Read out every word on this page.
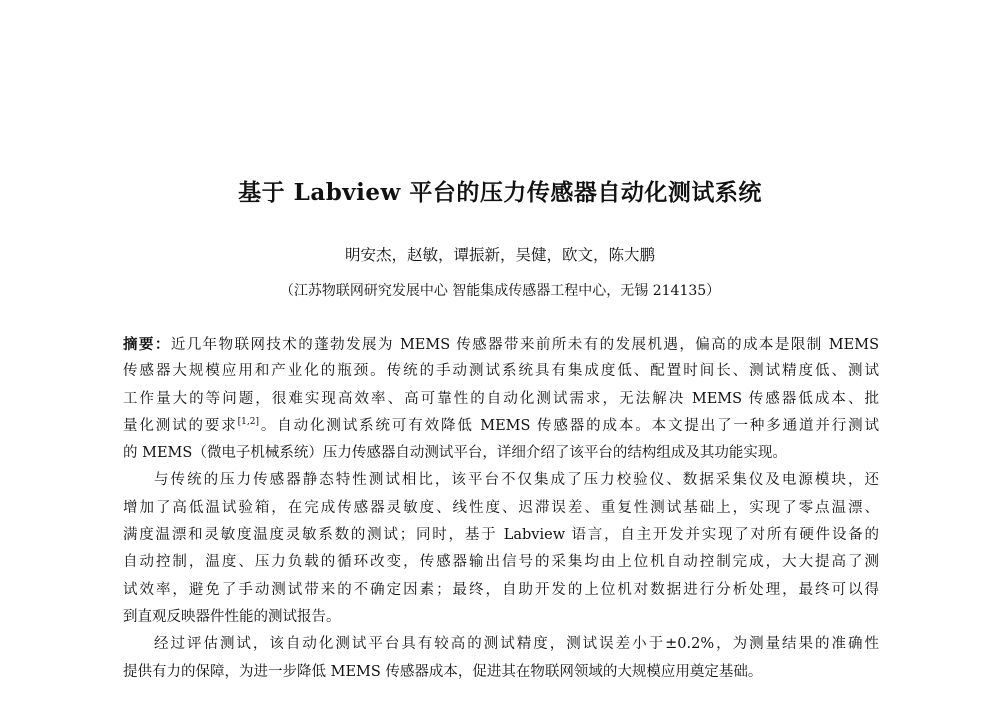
基于 Labview 平台的压力传感器自动化测试系统
明安杰，赵敏，谭振新，吴健，欧文，陈大鹏
（江苏物联网研究发展中心 智能集成传感器工程中心，无锡 214135）
摘要：近几年物联网技术的蓬勃发展为 MEMS 传感器带来前所未有的发展机遇，偏高的成本是限制 MEMS
传感器大规模应用和产业化的瓶颈。传统的手动测试系统具有集成度低、配置时间长、测试精度低、测试
工作量大的等问题，很难实现高效率、高可靠性的自动化测试需求，无法解决 MEMS 传感器低成本、批
量化测试的要求[1,2]。自动化测试系统可有效降低 MEMS 传感器的成本。本文提出了一种多通道并行测试
的 MEMS（微电子机械系统）压力传感器自动测试平台，详细介绍了该平台的结构组成及其功能实现。
与传统的压力传感器静态特性测试相比，该平台不仅集成了压力校验仪、数据采集仪及电源模块，还
增加了高低温试验箱，在完成传感器灵敏度、线性度、迟滞误差、重复性测试基础上，实现了零点温漂、
满度温漂和灵敏度温度灵敏系数的测试；同时，基于 Labview 语言，自主开发并实现了对所有硬件设备的
自动控制，温度、压力负载的循环改变，传感器输出信号的采集均由上位机自动控制完成，大大提高了测
试效率，避免了手动测试带来的不确定因素；最终，自助开发的上位机对数据进行分析处理，最终可以得
到直观反映器件性能的测试报告。
经过评估测试，该自动化测试平台具有较高的测试精度，测试误差小于±0.2%，为测量结果的准确性
提供有力的保障，为进一步降低 MEMS 传感器成本，促进其在物联网领域的大规模应用奠定基础。
